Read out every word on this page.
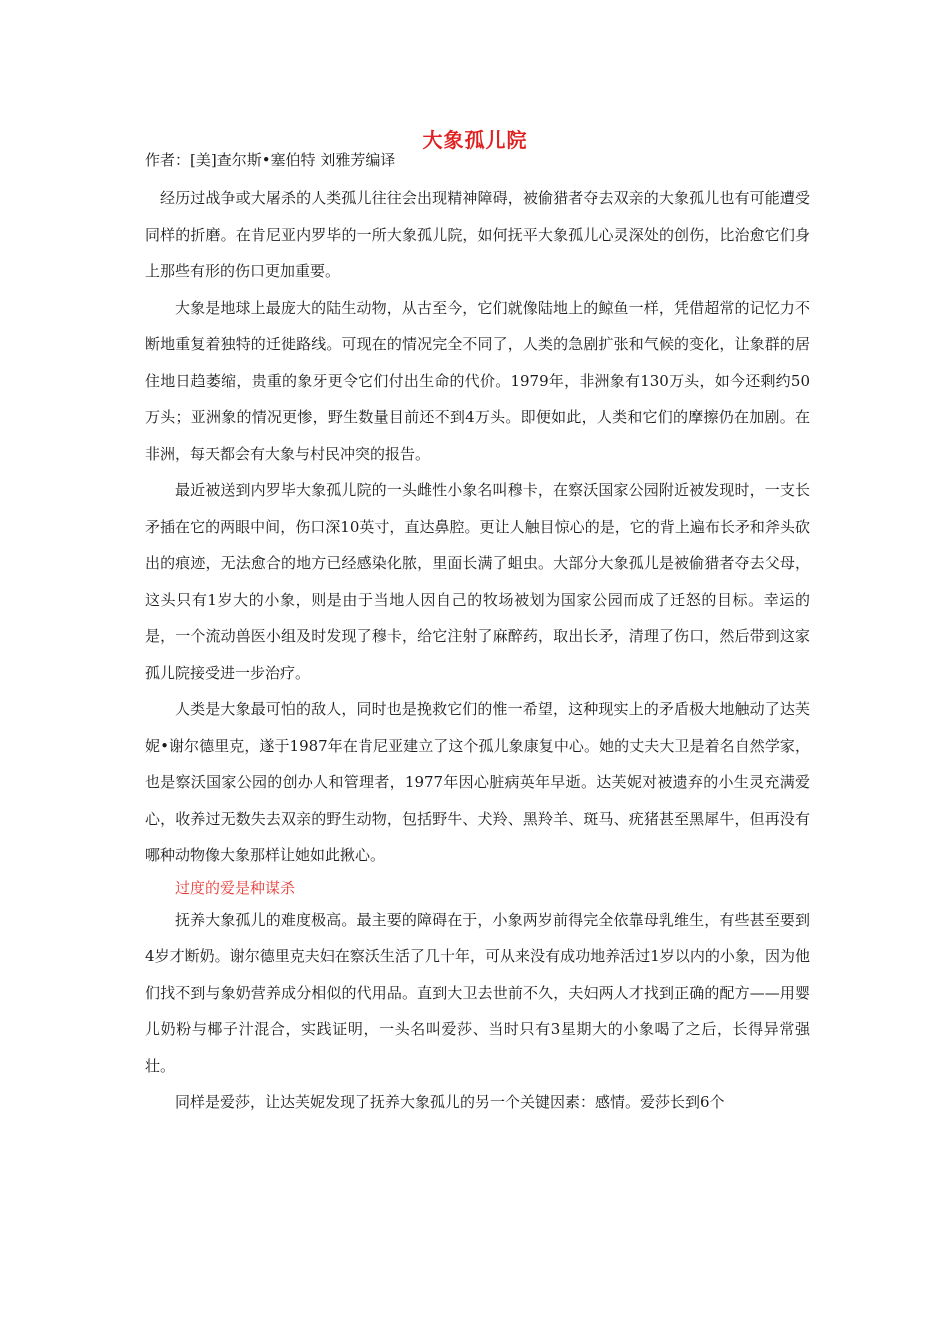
大象孤儿院
作者：[美]查尔斯•塞伯特 刘雅芳编译

经历过战争或大屠杀的人类孤儿往往会出现精神障碍，被偷猎者夺去双亲的大象孤儿也有可能遭受同样的折磨。在肯尼亚内罗毕的一所大象孤儿院，如何抚平大象孤儿心灵深处的创伤，比治愈它们身上那些有形的伤口更加重要。

大象是地球上最庞大的陆生动物，从古至今，它们就像陆地上的鲸鱼一样，凭借超常的记忆力不断地重复着独特的迁徙路线。可现在的情况完全不同了，人类的急剧扩张和气候的变化，让象群的居住地日趋萎缩，贵重的象牙更令它们付出生命的代价。1979年，非洲象有130万头，如今还剩约50万头；亚洲象的情况更惨，野生数量目前还不到4万头。即便如此，人类和它们的摩擦仍在加剧。在非洲，每天都会有大象与村民冲突的报告。

最近被送到内罗毕大象孤儿院的一头雌性小象名叫穆卡，在察沃国家公园附近被发现时，一支长矛插在它的两眼中间，伤口深10英寸，直达鼻腔。更让人触目惊心的是，它的背上遍布长矛和斧头砍出的痕迹，无法愈合的地方已经感染化脓，里面长满了蛆虫。大部分大象孤儿是被偷猎者夺去父母，这头只有1岁大的小象，则是由于当地人因自己的牧场被划为国家公园而成了迁怒的目标。幸运的是，一个流动兽医小组及时发现了穆卡，给它注射了麻醉药，取出长矛，清理了伤口，然后带到这家孤儿院接受进一步治疗。

人类是大象最可怕的敌人，同时也是挽救它们的惟一希望，这种现实上的矛盾极大地触动了达芙妮•谢尔德里克，遂于1987年在肯尼亚建立了这个孤儿象康复中心。她的丈夫大卫是着名自然学家，也是察沃国家公园的创办人和管理者，1977年因心脏病英年早逝。达芙妮对被遗弃的小生灵充满爱心，收养过无数失去双亲的野生动物，包括野牛、犬羚、黑羚羊、斑马、疣猪甚至黑犀牛，但再没有哪种动物像大象那样让她如此揪心。

过度的爱是种谋杀

抚养大象孤儿的难度极高。最主要的障碍在于，小象两岁前得完全依靠母乳维生，有些甚至要到4岁才断奶。谢尔德里克夫妇在察沃生活了几十年，可从来没有成功地养活过1岁以内的小象，因为他们找不到与象奶营养成分相似的代用品。直到大卫去世前不久，夫妇两人才找到正确的配方——用婴儿奶粉与椰子汁混合，实践证明，一头名叫爱莎、当时只有3星期大的小象喝了之后，长得异常强壮。

同样是爱莎，让达芙妮发现了抚养大象孤儿的另一个关键因素：感情。爱莎长到6个
